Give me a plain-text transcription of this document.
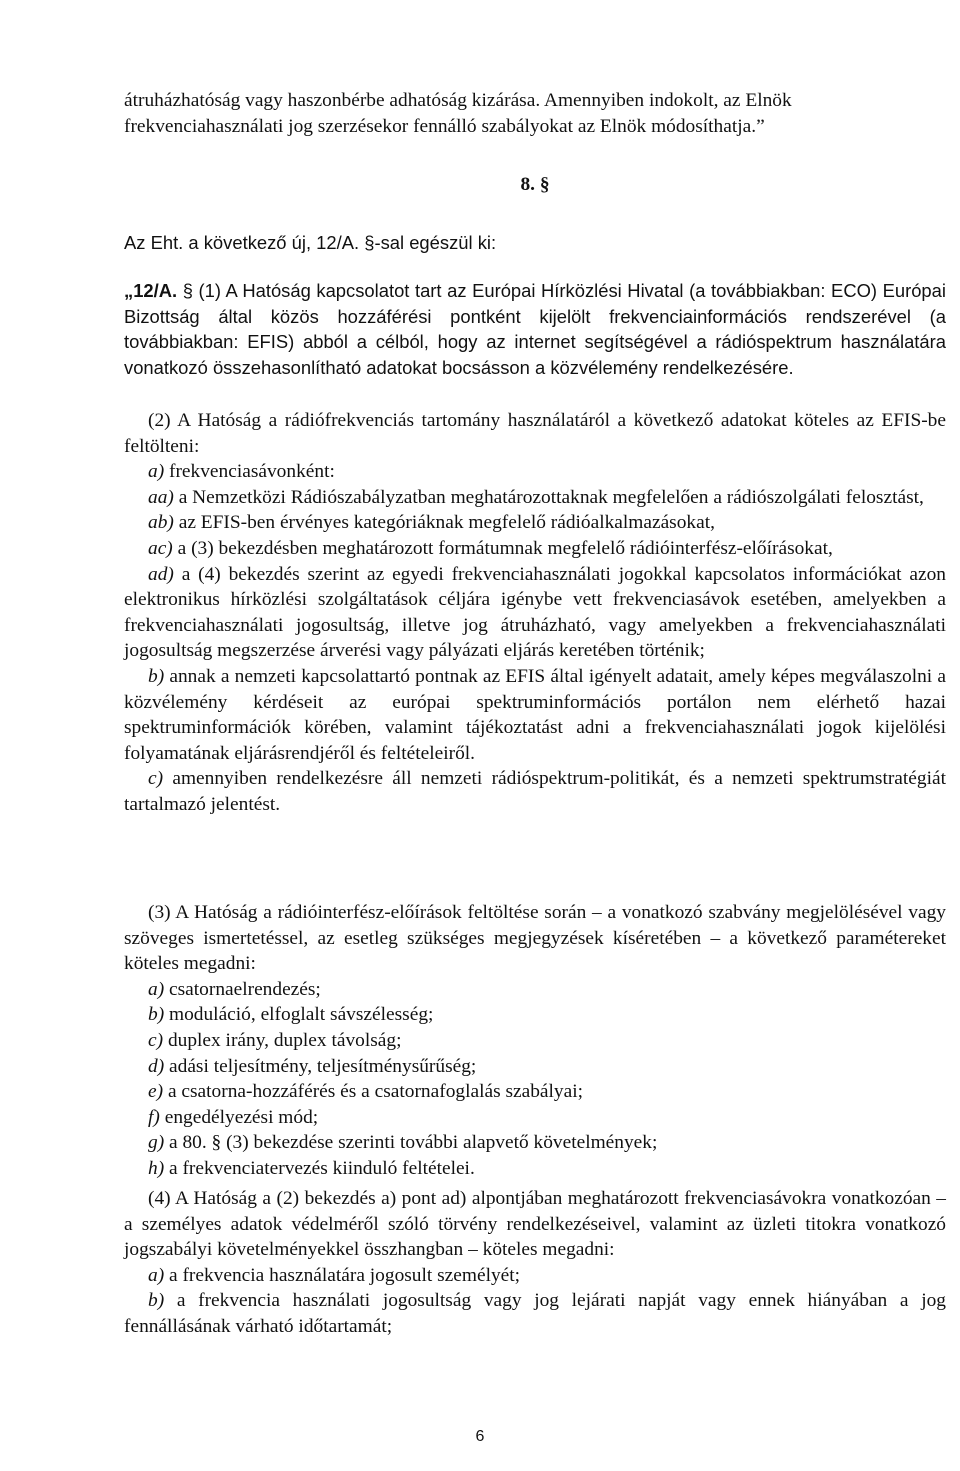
átruházhatóság vagy haszonbérbe adhatóság kizárása. Amennyiben indokolt, az Elnök

frekvenciahasználati jog szerzésekor fennálló szabályokat az Elnök módosíthatja.”

8. §

Az Eht. a következő új, 12/A. §-sal egészül ki:

„12/A. § (1) A Hatóság kapcsolatot tart az Európai Hírközlési Hivatal (a továbbiakban: ECO) Európai Bizottság által közös hozzáférési pontként kijelölt frekvenciainformációs rendszerével (a továbbiakban: EFIS) abból a célból, hogy az internet segítségével a rádióspektrum használatára vonatkozó összehasonlítható adatokat bocsásson a közvélemény rendelkezésére.

(2) A Hatóság a rádiófrekvenciás tartomány használatáról a következő adatokat köteles az EFIS-be feltölteni:

a) frekvenciasávonként:

aa) a Nemzetközi Rádiószabályzatban meghatározottaknak megfelelően a rádiószolgálati felosztást,

ab) az EFIS-ben érvényes kategóriáknak megfelelő rádióalkalmazásokat,

ac) a (3) bekezdésben meghatározott formátumnak megfelelő rádióinterfész-előírásokat,

ad) a (4) bekezdés szerint az egyedi frekvenciahasználati jogokkal kapcsolatos információkat azon elektronikus hírközlési szolgáltatások céljára igénybe vett frekvenciasávok esetében, amelyekben a frekvenciahasználati jogosultság, illetve jog átruházható, vagy amelyekben a frekvenciahasználati jogosultság megszerzése árverési vagy pályázati eljárás keretében történik;

b) annak a nemzeti kapcsolattartó pontnak az EFIS által igényelt adatait, amely képes megválaszolni a közvélemény kérdéseit az európai spektruminformációs portálon nem elérhető hazai spektruminformációk körében, valamint tájékoztatást adni a frekvenciahasználati jogok kijelölési folyamatának eljárásrendjéről és feltételeiről.

c) amennyiben rendelkezésre áll nemzeti rádióspektrum-politikát, és a nemzeti spektrumstratégiát tartalmazó jelentést.

(3) A Hatóság a rádióinterfész-előírások feltöltése során – a vonatkozó szabvány megjelölésével vagy szöveges ismertetéssel, az esetleg szükséges megjegyzések kíséretében – a következő paramétereket köteles megadni:

a) csatornaelrendezés;

b) moduláció, elfoglalt sávszélesség;

c) duplex irány, duplex távolság;

d) adási teljesítmény, teljesítménysűrűség;

e) a csatorna-hozzáférés és a csatornafoglalás szabályai;

f) engedélyezési mód;

g) a 80. § (3) bekezdése szerinti további alapvető követelmények;

h) a frekvenciatervezés kiinduló feltételei.

(4) A Hatóság a (2) bekezdés a) pont ad) alpontjában meghatározott frekvenciasávokra vonatkozóan – a személyes adatok védelméről szóló törvény rendelkezéseivel, valamint az üzleti titokra vonatkozó jogszabályi követelményekkel összhangban – köteles megadni:

a) a frekvencia használatára jogosult személyét;

b) a frekvencia használati jogosultság vagy jog lejárati napját vagy ennek hiányában a jog fennállásának várható időtartamát;

6
